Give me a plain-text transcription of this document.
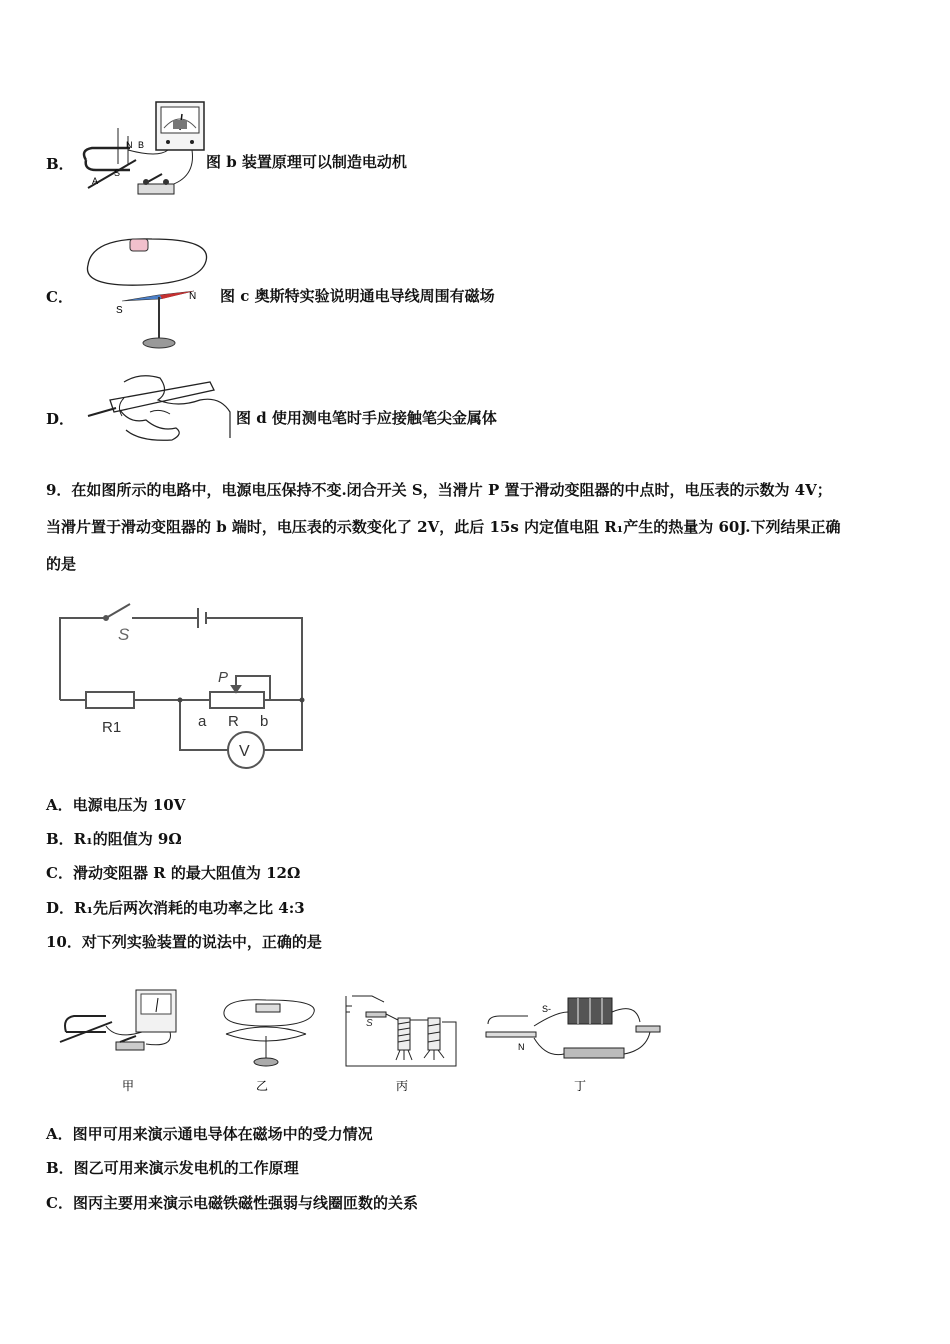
B．
N B
A
S
图 b 装置原理可以制造电动机
C．
S
N 图 c 奥斯特实验说明通电导线周围有磁场
D．	图 d 使用测电笔时手应接触笔尖金属体
9．在如图所示的电路中，电源电压保持不变.闭合开关 S，当滑片 P 置于滑动变阻器的中点时，电压表的示数为 4V；
当滑片置于滑动变阻器的 b 端时，电压表的示数变化了 2V，此后 15s 内定值电阻 R₁产生的热量为 60J.下列结果正确
的是
S
P
R1	a R b
V
A．电源电压为 10V
B．R₁的阻值为 9Ω
C．滑动变阻器 R 的最大阻值为 12Ω
D．R₁先后两次消耗的电功率之比 4:3
10．对下列实验装置的说法中，正确的是
甲	乙
S
丙
S-
N
丁
A．图甲可用来演示通电导体在磁场中的受力情况
B．图乙可用来演示发电机的工作原理
C．图丙主要用来演示电磁铁磁性强弱与线圈匝数的关系
